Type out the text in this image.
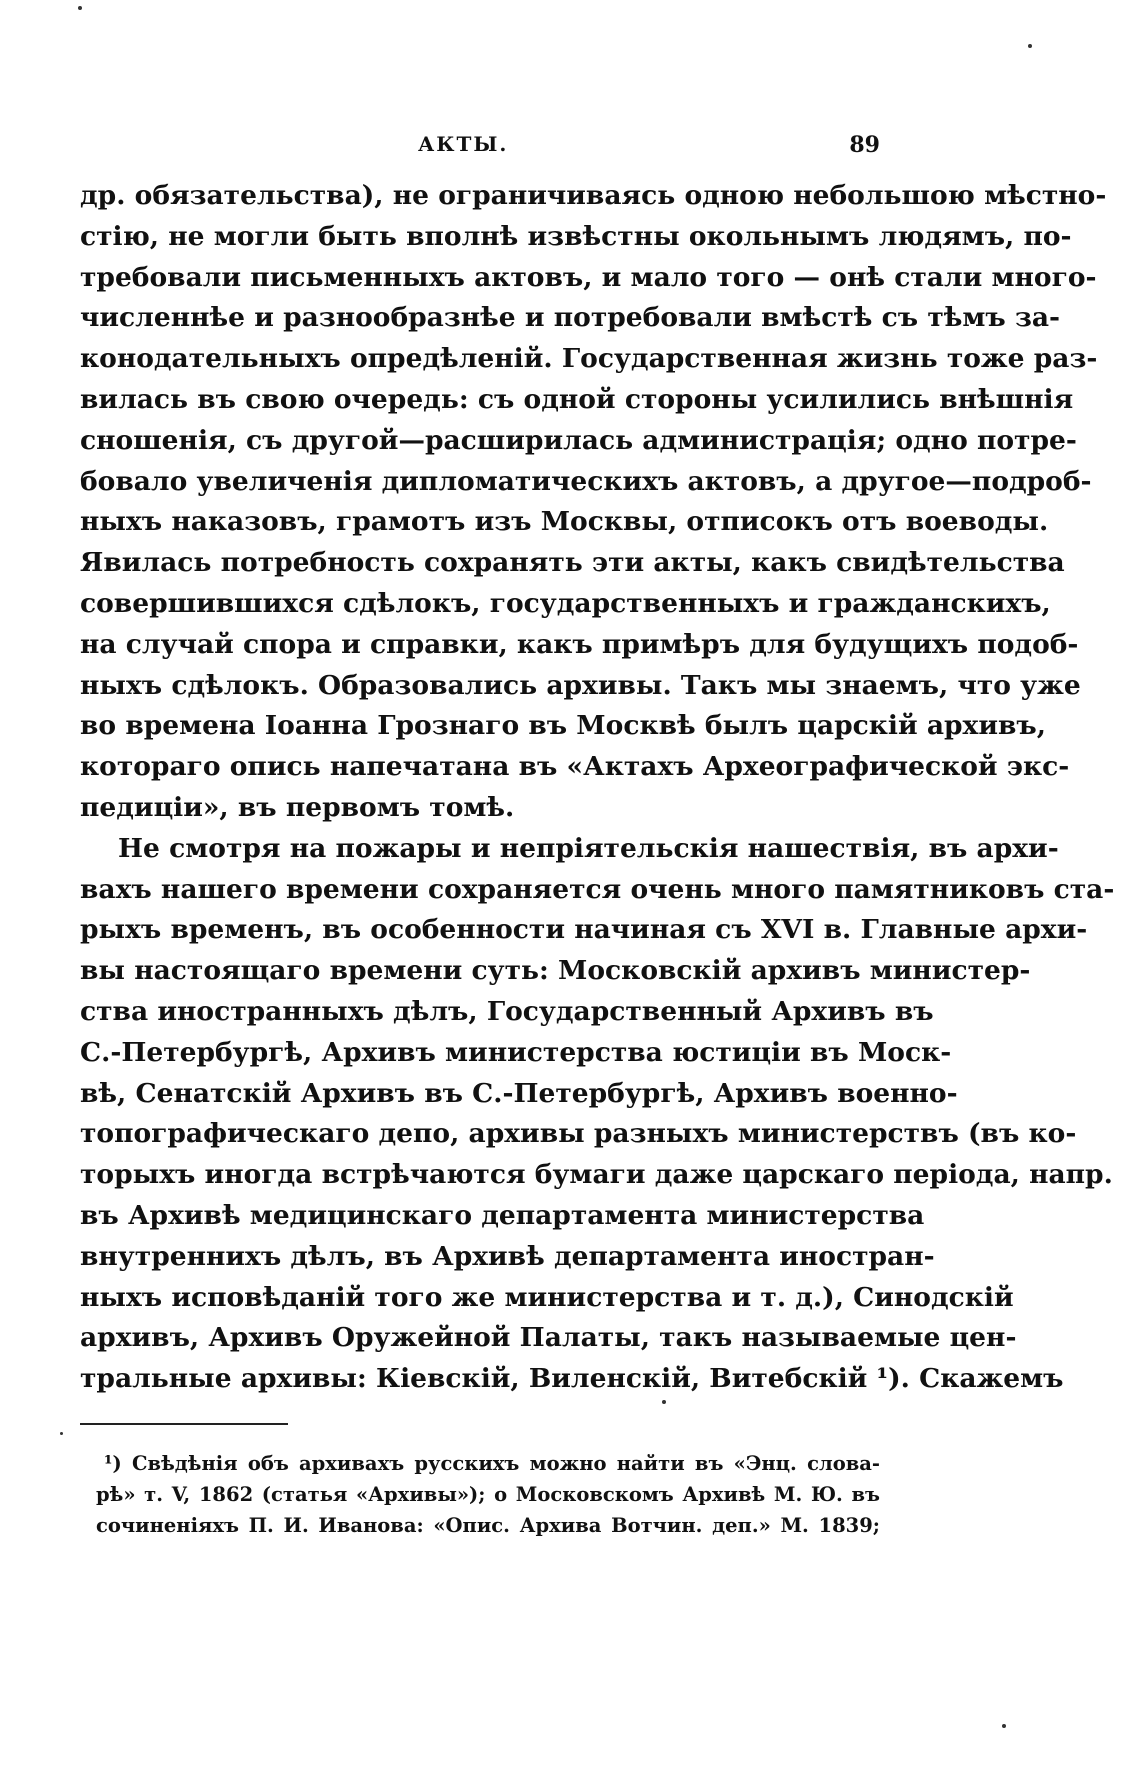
АКТЫ.	89
др. обязательства), не ограничиваясь одною небольшою мѣстно-
стію, не могли быть вполнѣ извѣстны окольнымъ людямъ, по-
требовали письменныхъ актовъ, и мало того — онѣ стали много-
численнѣе и разнообразнѣе и потребовали вмѣстѣ съ тѣмъ за-
конодательныхъ опредѣленій. Государственная жизнь тоже раз-
вилась въ свою очередь: съ одной стороны усилились внѣшнія
сношенія, съ другой—расширилась администрація; одно потре-
бовало увеличенія дипломатическихъ актовъ, а другое—подроб-
ныхъ наказовъ, грамотъ изъ Москвы, отписокъ отъ воеводы.
Явилась потребность сохранять эти акты, какъ свидѣтельства
совершившихся сдѣлокъ, государственныхъ и гражданскихъ,
на случай спора и справки, какъ примѣръ для будущихъ подоб-
ныхъ сдѣлокъ. Образовались архивы. Такъ мы знаемъ, что уже
во времена Іоанна Грознаго въ Москвѣ былъ царскій архивъ,
котораго опись напечатана въ «Актахъ Археографической экс-
педиціи», въ первомъ томѣ.
Не смотря на пожары и непріятельскія нашествія, въ архи-
вахъ нашего времени сохраняется очень много памятниковъ ста-
рыхъ временъ, въ особенности начиная съ XVI в. Главные архи-
вы настоящаго времени суть: Московскій архивъ министер-
ства иностранныхъ дѣлъ, Государственный Архивъ въ
С.-Петербургѣ, Архивъ министерства юстиціи въ Моск-
вѣ, Сенатскій Архивъ въ С.-Петербургѣ, Архивъ военно-
топографическаго депо, архивы разныхъ министерствъ (въ ко-
торыхъ иногда встрѣчаются бумаги даже царскаго періода, напр.
въ Архивѣ медицинскаго департамента министерства
внутреннихъ дѣлъ, въ Архивѣ департамента иностран-
ныхъ исповѣданій того же министерства и т. д.), Синодскій
архивъ, Архивъ Оружейной Палаты, такъ называемые цен-
тральные архивы: Кіевскій, Виленскій, Витебскій ¹). Скажемъ
¹) Свѣдѣнія объ архивахъ русскихъ можно найти въ «Энц. слова-
рѣ» т. V, 1862 (статья «Архивы»); о Московскомъ Архивѣ М. Ю. въ
сочиненіяхъ П. И. Иванова: «Опис. Архива Вотчин. деп.» М. 1839;
